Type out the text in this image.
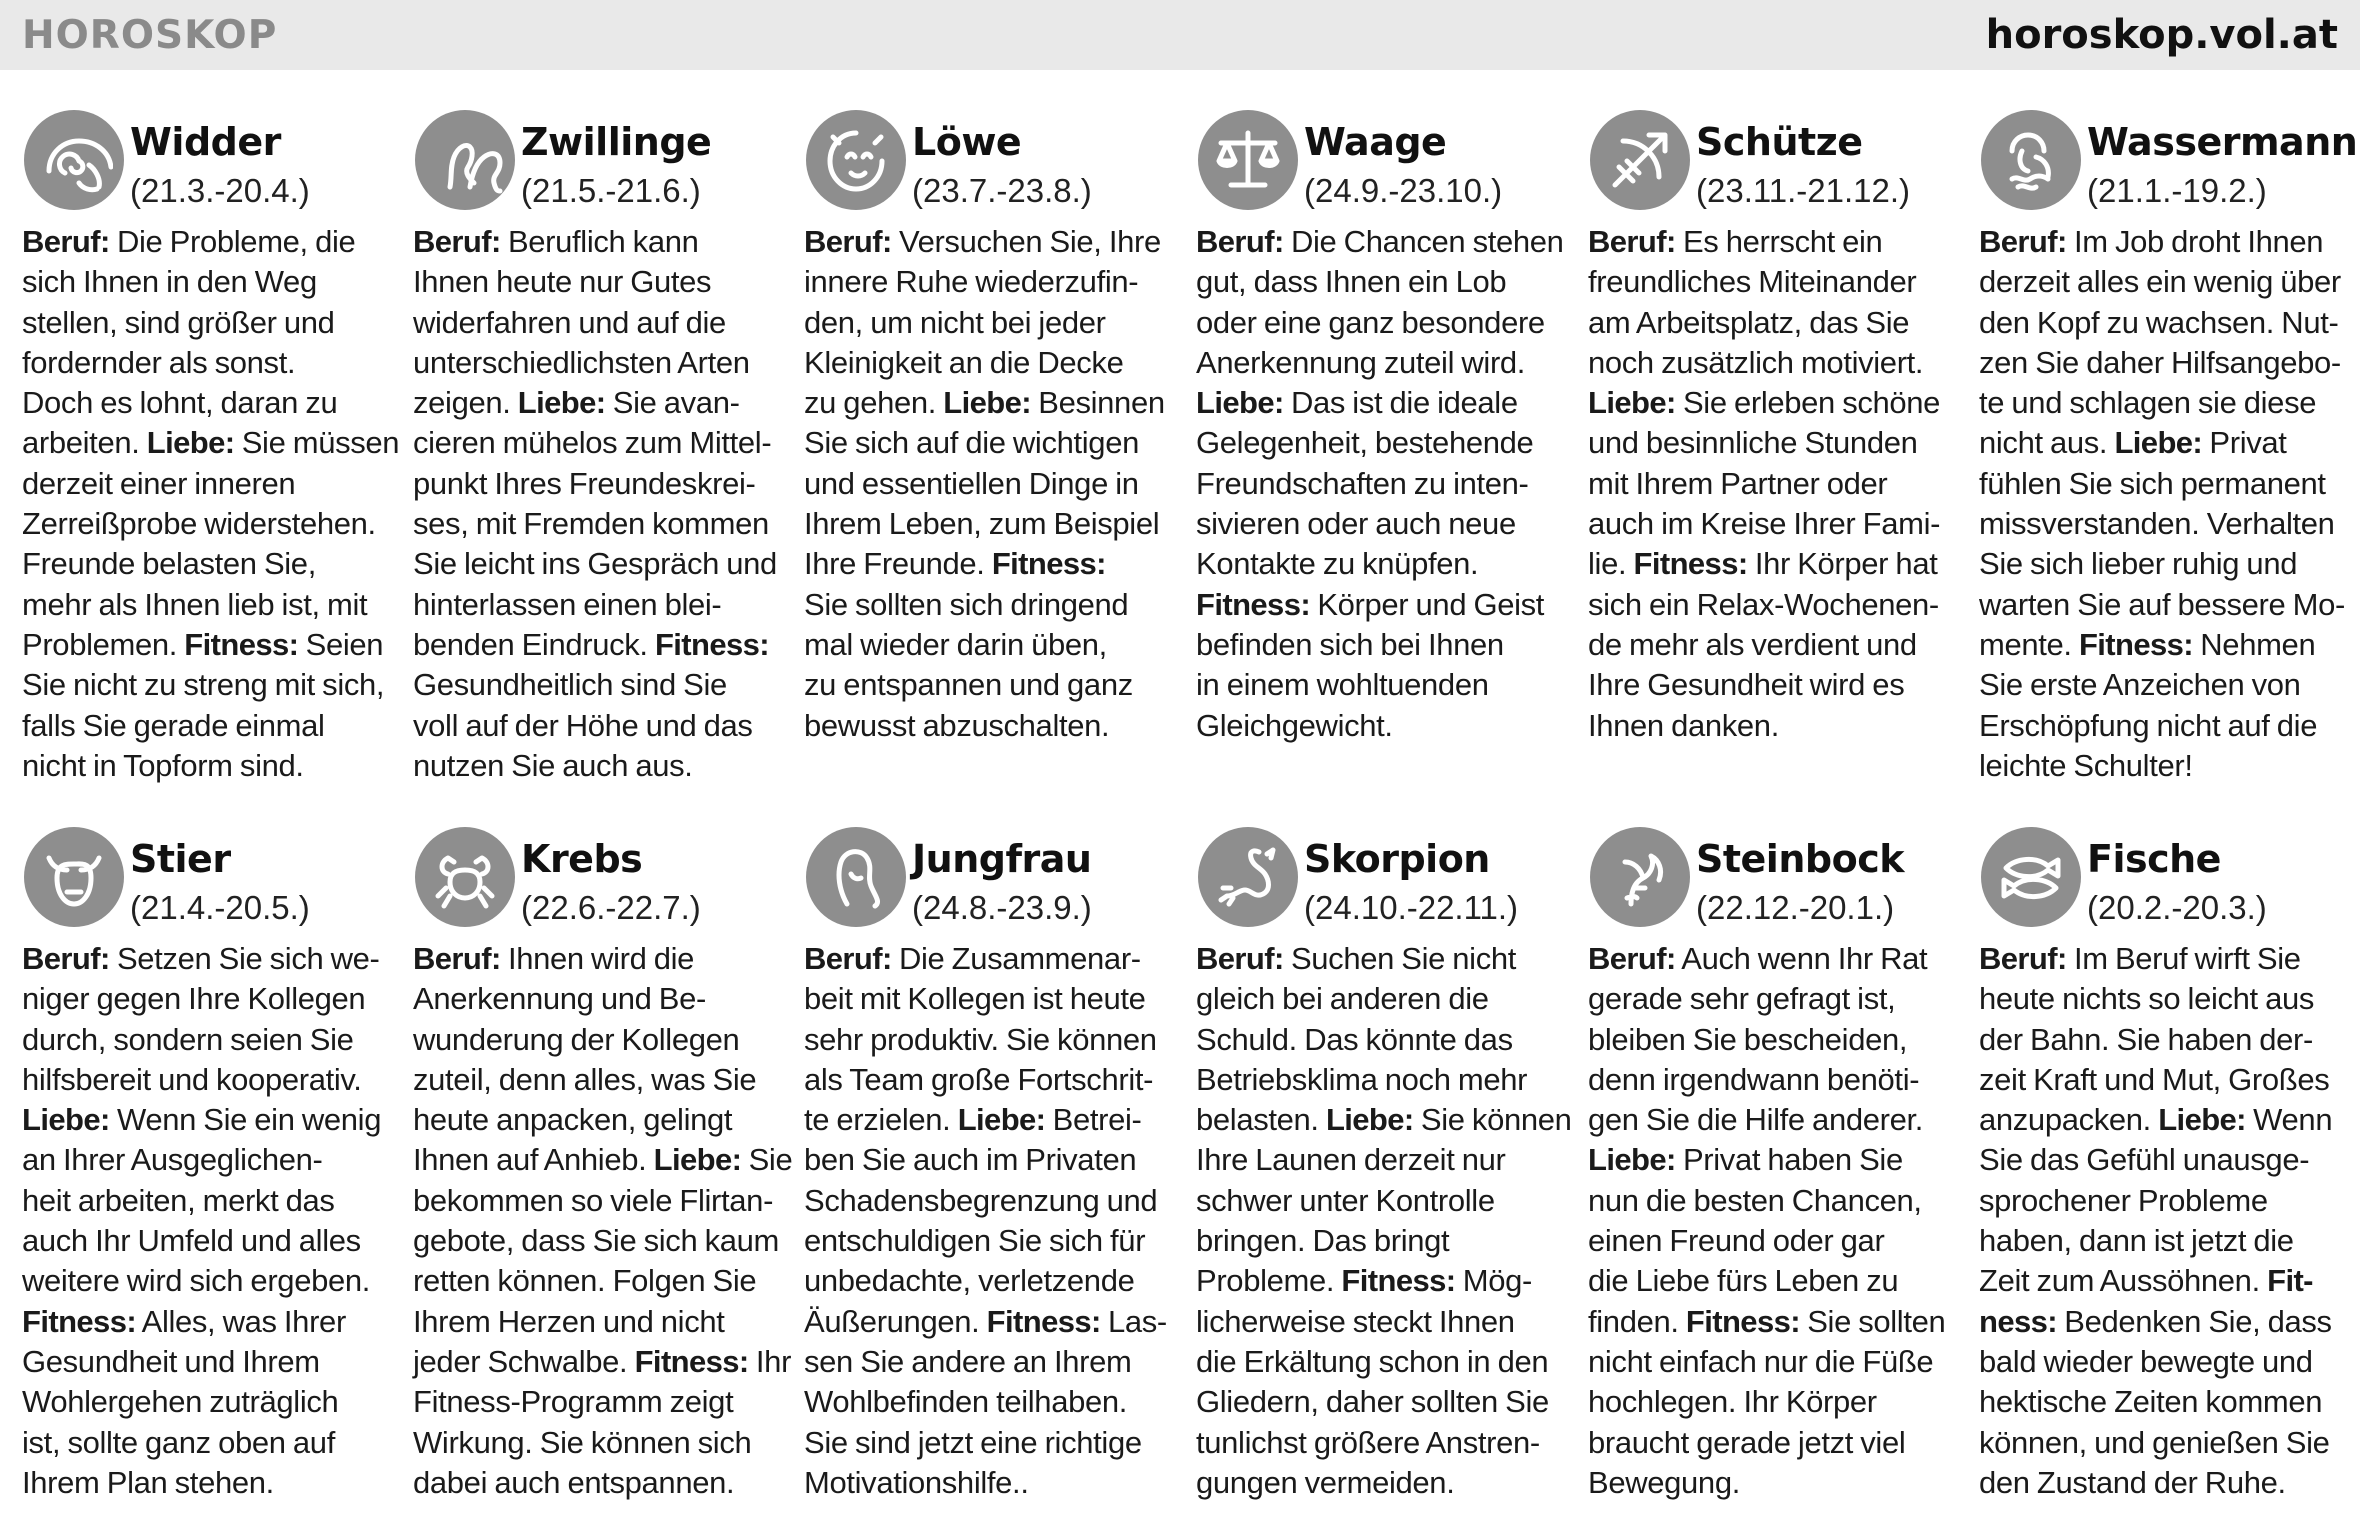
HOROSKOP	horoskop.vol.at
Widder
(21.3.-20.4.)
Beruf: Die Probleme, die
sich Ihnen in den Weg
stellen, sind größer und
fordernder als sonst.
Doch es lohnt, daran zu
arbeiten. Liebe: Sie müssen
derzeit einer inneren
Zerreißprobe widerstehen.
Freunde belasten Sie,
mehr als Ihnen lieb ist, mit
Problemen. Fitness: Seien
Sie nicht zu streng mit sich,
falls Sie gerade einmal
nicht in Topform sind.
Zwillinge
(21.5.-21.6.)
Beruf: Beruflich kann
Ihnen heute nur Gutes
widerfahren und auf die
unterschiedlichsten Arten
zeigen. Liebe: Sie avan-
cieren mühelos zum Mittel-
punkt Ihres Freundeskrei-
ses, mit Fremden kommen
Sie leicht ins Gespräch und
hinterlassen einen blei-
benden Eindruck. Fitness:
Gesundheitlich sind Sie
voll auf der Höhe und das
nutzen Sie auch aus.
Löwe
(23.7.-23.8.)
Beruf: Versuchen Sie, Ihre
innere Ruhe wiederzufin-
den, um nicht bei jeder
Kleinigkeit an die Decke
zu gehen. Liebe: Besinnen
Sie sich auf die wichtigen
und essentiellen Dinge in
Ihrem Leben, zum Beispiel
Ihre Freunde. Fitness:
Sie sollten sich dringend
mal wieder darin üben,
zu entspannen und ganz
bewusst abzuschalten.
Waage
(24.9.-23.10.)
Beruf: Die Chancen stehen
gut, dass Ihnen ein Lob
oder eine ganz besondere
Anerkennung zuteil wird.
Liebe: Das ist die ideale
Gelegenheit, bestehende
Freundschaften zu inten-
sivieren oder auch neue
Kontakte zu knüpfen.
Fitness: Körper und Geist
befinden sich bei Ihnen
in einem wohltuenden
Gleichgewicht.
Schütze
(23.11.-21.12.)
Beruf: Es herrscht ein
freundliches Miteinander
am Arbeitsplatz, das Sie
noch zusätzlich motiviert.
Liebe: Sie erleben schöne
und besinnliche Stunden
mit Ihrem Partner oder
auch im Kreise Ihrer Fami-
lie. Fitness: Ihr Körper hat
sich ein Relax-Wochenen-
de mehr als verdient und
Ihre Gesundheit wird es
Ihnen danken.
Wassermann
(21.1.-19.2.)
Beruf: Im Job droht Ihnen
derzeit alles ein wenig über
den Kopf zu wachsen. Nut-
zen Sie daher Hilfsangebo-
te und schlagen sie diese
nicht aus. Liebe: Privat
fühlen Sie sich permanent
missverstanden. Verhalten
Sie sich lieber ruhig und
warten Sie auf bessere Mo-
mente. Fitness: Nehmen
Sie erste Anzeichen von
Erschöpfung nicht auf die
leichte Schulter!
Stier
(21.4.-20.5.)
Beruf: Setzen Sie sich we-
niger gegen Ihre Kollegen
durch, sondern seien Sie
hilfsbereit und kooperativ.
Liebe: Wenn Sie ein wenig
an Ihrer Ausgeglichen-
heit arbeiten, merkt das
auch Ihr Umfeld und alles
weitere wird sich ergeben.
Fitness: Alles, was Ihrer
Gesundheit und Ihrem
Wohlergehen zuträglich
ist, sollte ganz oben auf
Ihrem Plan stehen.
Krebs
(22.6.-22.7.)
Beruf: Ihnen wird die
Anerkennung und Be-
wunderung der Kollegen
zuteil, denn alles, was Sie
heute anpacken, gelingt
Ihnen auf Anhieb. Liebe: Sie
bekommen so viele Flirtan-
gebote, dass Sie sich kaum
retten können. Folgen Sie
Ihrem Herzen und nicht
jeder Schwalbe. Fitness: Ihr
Fitness-Programm zeigt
Wirkung. Sie können sich
dabei auch entspannen.
Jungfrau
(24.8.-23.9.)
Beruf: Die Zusammenar-
beit mit Kollegen ist heute
sehr produktiv. Sie können
als Team große Fortschrit-
te erzielen. Liebe: Betrei-
ben Sie auch im Privaten
Schadensbegrenzung und
entschuldigen Sie sich für
unbedachte, verletzende
Äußerungen. Fitness: Las-
sen Sie andere an Ihrem
Wohlbefinden teilhaben.
Sie sind jetzt eine richtige
Motivationshilfe..
Skorpion
(24.10.-22.11.)
Beruf: Suchen Sie nicht
gleich bei anderen die
Schuld. Das könnte das
Betriebsklima noch mehr
belasten. Liebe: Sie können
Ihre Launen derzeit nur
schwer unter Kontrolle
bringen. Das bringt
Probleme. Fitness: Mög-
licherweise steckt Ihnen
die Erkältung schon in den
Gliedern, daher sollten Sie
tunlichst größere Anstren-
gungen vermeiden.
Steinbock
(22.12.-20.1.)
Beruf: Auch wenn Ihr Rat
gerade sehr gefragt ist,
bleiben Sie bescheiden,
denn irgendwann benöti-
gen Sie die Hilfe anderer.
Liebe: Privat haben Sie
nun die besten Chancen,
einen Freund oder gar
die Liebe fürs Leben zu
finden. Fitness: Sie sollten
nicht einfach nur die Füße
hochlegen. Ihr Körper
braucht gerade jetzt viel
Bewegung.
Fische
(20.2.-20.3.)
Beruf: Im Beruf wirft Sie
heute nichts so leicht aus
der Bahn. Sie haben der-
zeit Kraft und Mut, Großes
anzupacken. Liebe: Wenn
Sie das Gefühl unausge-
sprochener Probleme
haben, dann ist jetzt die
Zeit zum Aussöhnen. Fit-
ness: Bedenken Sie, dass
bald wieder bewegte und
hektische Zeiten kommen
können, und genießen Sie
den Zustand der Ruhe.
